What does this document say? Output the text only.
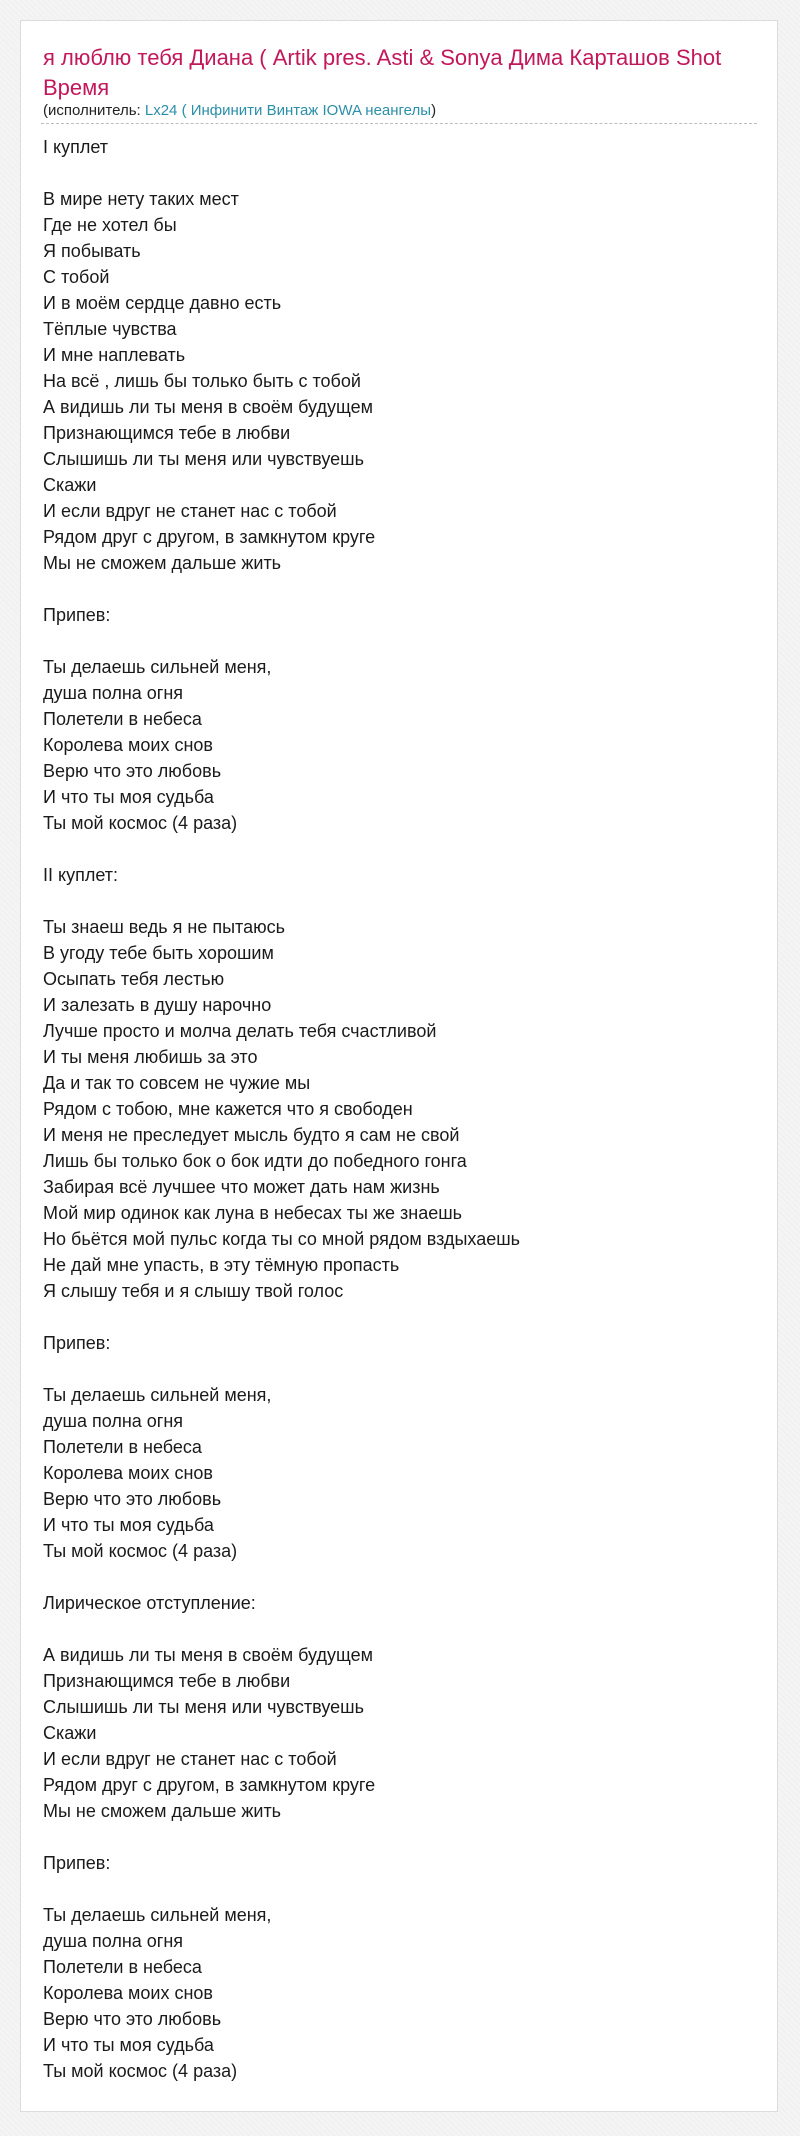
я люблю тебя Диана ( Artik pres. Asti & Sonya Дима Карташов Shot Время
(исполнитель: Lx24 ( Инфинити Винтаж IOWA неангелы)
I куплет
В мире нету таких мест
Где не хотел бы
Я побывать
С тобой
И в моём сердце давно есть
Тёплые чувства
И мне наплевать
На всё , лишь бы только быть с тобой
А видишь ли ты меня в своём будущем
Признающимся тебе в любви
Слышишь ли ты меня или чувствуешь
Скажи
И если вдруг не станет нас с тобой
Рядом друг с другом, в замкнутом круге
Мы не сможем дальше жить
Припев:
Ты делаешь сильней меня,
душа полна огня
Полетели в небеса
Королева моих снов
Верю что это любовь
И что ты моя судьба
Ты мой космос (4 раза)
II куплет:
Ты знаеш ведь я не пытаюсь
В угоду тебе быть хорошим
Осыпать тебя лестью
И залезать в душу нарочно
Лучше просто и молча делать тебя счастливой
И ты меня любишь за это
Да и так то совсем не чужие мы
Рядом с тобою, мне кажется что я свободен
И меня не преследует мысль будто я сам не свой
Лишь бы только бок о бок идти до победного гонга
Забирая всё лучшее что может дать нам жизнь
Мой мир одинок как луна в небесах ты же знаешь
Но бьётся мой пульс когда ты со мной рядом вздыхаешь
Не дай мне упасть, в эту тёмную пропасть
Я слышу тебя и я слышу твой голос
Припев:
Ты делаешь сильней меня,
душа полна огня
Полетели в небеса
Королева моих снов
Верю что это любовь
И что ты моя судьба
Ты мой космос (4 раза)
Лирическое отступление:
А видишь ли ты меня в своём будущем
Признающимся тебе в любви
Слышишь ли ты меня или чувствуешь
Скажи
И если вдруг не станет нас с тобой
Рядом друг с другом, в замкнутом круге
Мы не сможем дальше жить
Припев:
Ты делаешь сильней меня,
душа полна огня
Полетели в небеса
Королева моих снов
Верю что это любовь
И что ты моя судьба
Ты мой космос (4 раза)
